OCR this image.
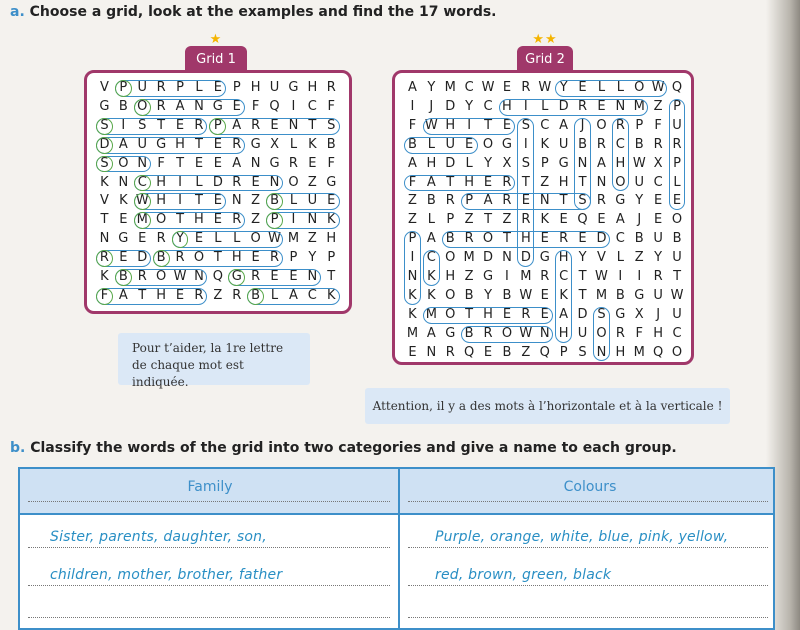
a. Choose a grid, look at the examples and find the 17 words.
★
Grid 1
V P U R P L E P H U G H R
G B O R A N G E F Q I C F
S I S T E R P A R E N T S
D A U G H T E R G X L K B
S O N F T E E A N G R E F
K N C H I	L D R E N O Z G
V K W H I	T E N Z B L U E
T E M O T H E R Z P	I N K
N G E R Y E L L O W M Z H
R E D B R O T H E R P Y P
K B R O W N Q G R E E N T
F A T H E R Z R B L A C K
★★
Grid 2
A Y M C W E R W Y E L L O W Q
I	J D Y C H I	L D R E N M Z P
F W H I	T E S C A J O R P F U
B L U E O G I K U B R C B R R
A H D L Y X S P G N A H W X P
F A T H E R T Z H T N O U C L
Z B R P A R E N T S R G Y E E
Z L P Z T Z R K E Q E A J E O
P A B R O T H E R E D C B U B
I C O M D N D G H Y V L Z Y U
N K H Z G I M R C T W I	I R T
K K O B Y B W E K T M B G U W
K M O T H E R E A D S G X J U
M A G B R O W N H U O R F H C
E N R Q E B Z Q P S N H M Q O
Pour t’aider, la 1re lettre
de chaque mot est indiquée.
Attention, il y a des mots à l’horizontale et à la verticale !
b. Classify the words of the grid into two categories and give a name to each group.
Family	Colours
Sister, parents, daughter, son,
children, mother, brother, father
Purple, orange, white, blue, pink, yellow,
red, brown, green, black
